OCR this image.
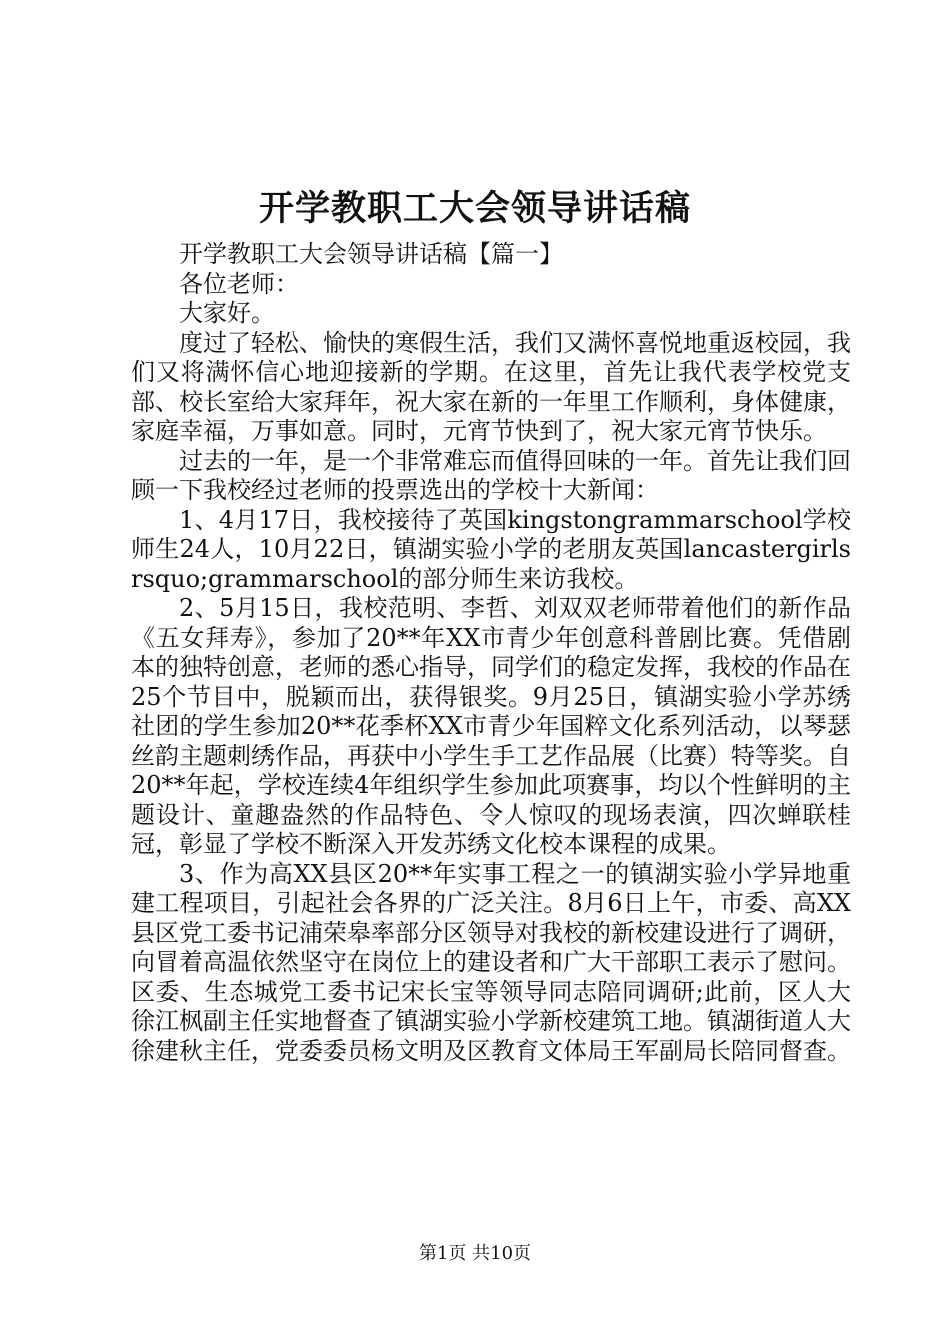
开学教职工大会领导讲话稿

开学教职工大会领导讲话稿【篇一】

各位老师：

大家好。

度过了轻松、愉快的寒假生活，我们又满怀喜悦地重返校园，我们又将满怀信心地迎接新的学期。在这里，首先让我代表学校党支部、校长室给大家拜年，祝大家在新的一年里工作顺利，身体健康，家庭幸福，万事如意。同时，元宵节快到了，祝大家元宵节快乐。

过去的一年，是一个非常难忘而值得回味的一年。首先让我们回顾一下我校经过老师的投票选出的学校十大新闻：

1、4月17日，我校接待了英国kingstongrammarschool学校师生24人，10月22日，镇湖实验小学的老朋友英国lancastergirlsrsquo;grammarschool的部分师生来访我校。

2、5月15日，我校范明、李哲、刘双双老师带着他们的新作品《五女拜寿》，参加了20**年XX市青少年创意科普剧比赛。凭借剧本的独特创意，老师的悉心指导，同学们的稳定发挥，我校的作品在25个节目中，脱颖而出，获得银奖。9月25日，镇湖实验小学苏绣社团的学生参加20**花季杯XX市青少年国粹文化系列活动，以琴瑟丝韵主题刺绣作品，再获中小学生手工艺作品展（比赛）特等奖。自20**年起，学校连续4年组织学生参加此项赛事，均以个性鲜明的主题设计、童趣盎然的作品特色、令人惊叹的现场表演，四次蝉联桂冠，彰显了学校不断深入开发苏绣文化校本课程的成果。

3、作为高XX县区20**年实事工程之一的镇湖实验小学异地重建工程项目，引起社会各界的广泛关注。8月6日上午，市委、高XX县区党工委书记浦荣皋率部分区领导对我校的新校建设进行了调研，向冒着高温依然坚守在岗位上的建设者和广大干部职工表示了慰问。区委、生态城党工委书记宋长宝等领导同志陪同调研;此前，区人大徐江枫副主任实地督查了镇湖实验小学新校建筑工地。镇湖街道人大徐建秋主任，党委委员杨文明及区教育文体局王军副局长陪同督查。

第1页 共10页
